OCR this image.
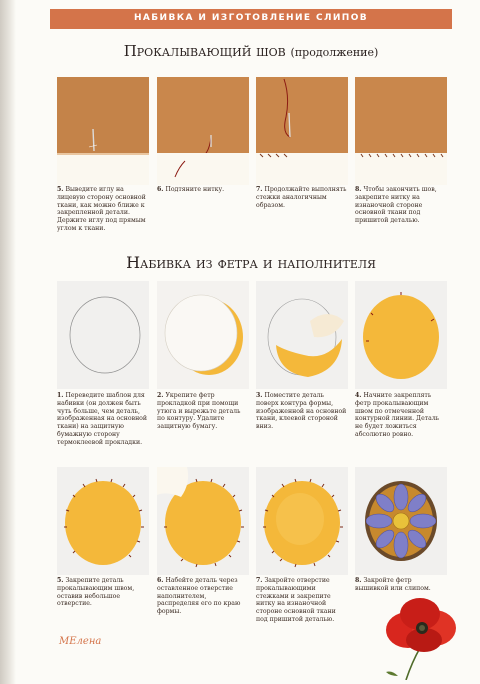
НАБИВКА И ИЗГОТОВЛЕНИЕ СЛИПОВ
Прокалывающий шов (продолжение)
5. Выведите иглу на лицевую сторону основной ткани, как можно ближе к закрепленной детали. Держите иглу под прямым углом к ткани.
6. Подтяните нитку.	7. Продолжайте выполнять стежки аналогичным образом.
8. Чтобы закончить шов, закрепите нитку на изнаночной стороне основной ткани под пришитой деталью.
Набивка из фетра и наполнителя
1. Переведите шаблон для набивки (он должен быть чуть больше, чем деталь, изображенная на основной ткани) на защитную бумажную сторону термоклеевой прокладки.
2. Укрепите фетр прокладкой при помощи утюга и вырежьте деталь по контуру. Удалите защитную бумагу.
3. Поместите деталь поверх контура формы, изображенной на основной ткани, клеевой стороной вниз.
4. Начните закреплять фетр прокалывающим швом по отмеченной контурной линии. Деталь не будет ложиться абсолютно ровно.
5. Закрепите деталь прокалывающим швом, оставив небольшое отверстие.
6. Набейте деталь через оставленное отверстие наполнителем, распределяя его по краю формы.
7. Закройте отверстие прокалывающими стежками и закрепите нитку на изнаночной стороне основной ткани под пришитой деталью.
8. Закройте фетр вышивкой или слипом.
МЕлена
